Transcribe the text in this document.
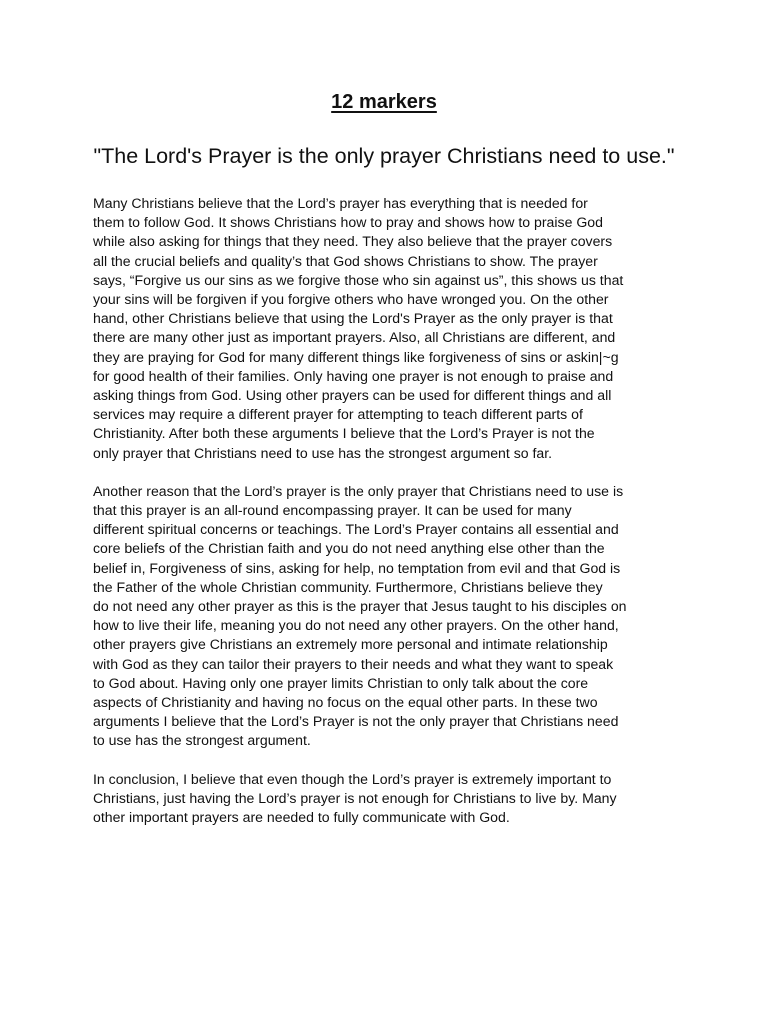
12 markers
"The Lord's Prayer is the only prayer Christians need to use."

Many Christians believe that the Lord’s prayer has everything that is needed for
them to follow God. It shows Christians how to pray and shows how to praise God
while also asking for things that they need. They also believe that the prayer covers
all the crucial beliefs and quality’s that God shows Christians to show. The prayer
says, “Forgive us our sins as we forgive those who sin against us”, this shows us that
your sins will be forgiven if you forgive others who have wronged you. On the other
hand, other Christians believe that using the Lord's Prayer as the only prayer is that
there are many other just as important prayers. Also, all Christians are different, and
they are praying for God for many different things like forgiveness of sins or askin|~g
for good health of their families. Only having one prayer is not enough to praise and
asking things from God. Using other prayers can be used for different things and all
services may require a different prayer for attempting to teach different parts of
Christianity. After both these arguments I believe that the Lord’s Prayer is not the
only prayer that Christians need to use has the strongest argument so far.

Another reason that the Lord’s prayer is the only prayer that Christians need to use is
that this prayer is an all-round encompassing prayer. It can be used for many
different spiritual concerns or teachings. The Lord’s Prayer contains all essential and
core beliefs of the Christian faith and you do not need anything else other than the
belief in, Forgiveness of sins, asking for help, no temptation from evil and that God is
the Father of the whole Christian community. Furthermore, Christians believe they
do not need any other prayer as this is the prayer that Jesus taught to his disciples on
how to live their life, meaning you do not need any other prayers. On the other hand,
other prayers give Christians an extremely more personal and intimate relationship
with God as they can tailor their prayers to their needs and what they want to speak
to God about. Having only one prayer limits Christian to only talk about the core
aspects of Christianity and having no focus on the equal other parts. In these two
arguments I believe that the Lord’s Prayer is not the only prayer that Christians need
to use has the strongest argument.

In conclusion, I believe that even though the Lord’s prayer is extremely important to
Christians, just having the Lord’s prayer is not enough for Christians to live by. Many
other important prayers are needed to fully communicate with God.
